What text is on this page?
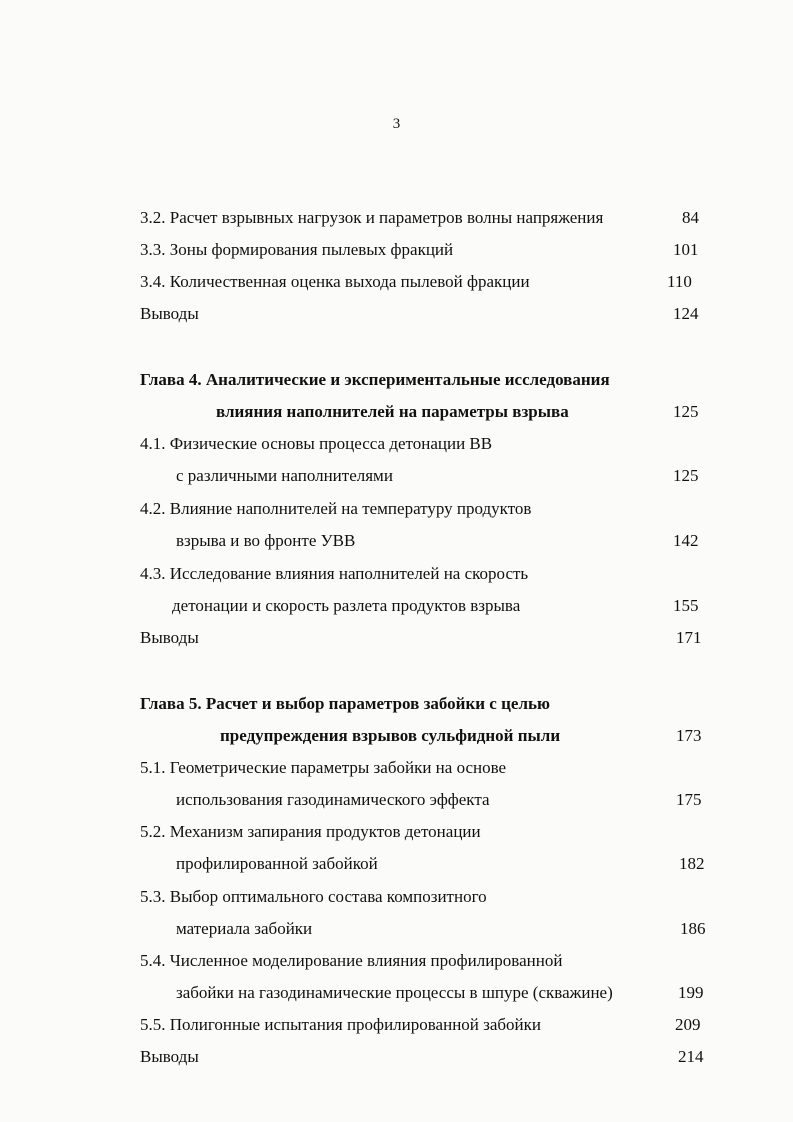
3
3.2. Расчет взрывных нагрузок и параметров волны напряжения	84
3.3. Зоны формирования пылевых фракций	101
3.4. Количественная оценка выхода пылевой фракции	110
Выводы	124
Глава 4. Аналитические и экспериментальные исследования
влияния наполнителей на параметры взрыва	125
4.1. Физические основы процесса детонации ВВ
с различными наполнителями	125
4.2. Влияние наполнителей на температуру продуктов
взрыва и во фронте УВВ	142
4.3. Исследование влияния наполнителей на скорость
детонации и скорость разлета продуктов взрыва	155
Выводы	171
Глава 5. Расчет и выбор параметров забойки с целью
предупреждения взрывов сульфидной пыли	173
5.1. Геометрические параметры забойки на основе
использования газодинамического эффекта	175
5.2. Механизм запирания продуктов детонации
профилированной забойкой	182
5.3. Выбор оптимального состава композитного
материала забойки	186
5.4. Численное моделирование влияния профилированной
забойки на газодинамические процессы в шпуре (скважине)	199
5.5. Полигонные испытания профилированной забойки	209
Выводы	214
